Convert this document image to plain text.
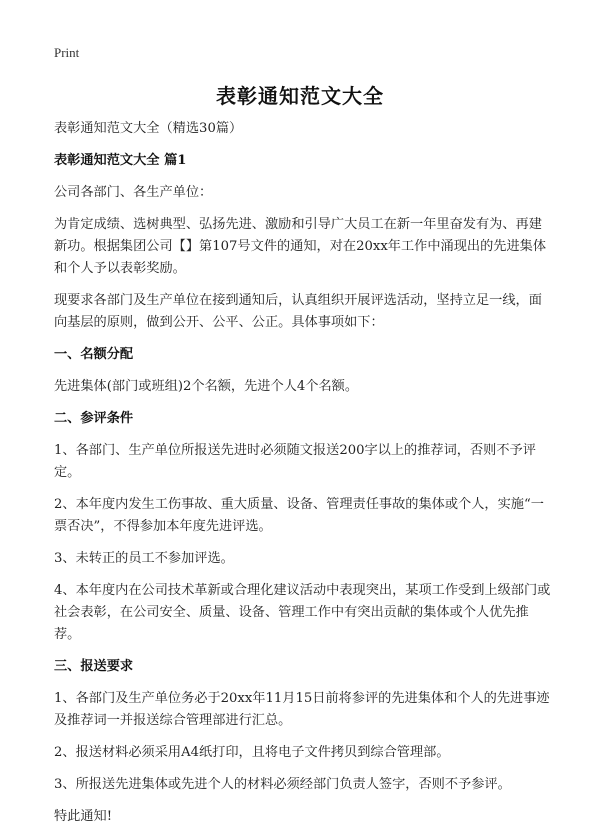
Print
表彰通知范文大全

表彰通知范文大全（精选30篇）

表彰通知范文大全 篇1

公司各部门、各生产单位：

为肯定成绩、选树典型、弘扬先进、激励和引导广大员工在新一年里奋发有为、再建新功。根据集团公司【】第107号文件的通知，对在20xx年工作中涌现出的先进集体和个人予以表彰奖励。

现要求各部门及生产单位在接到通知后，认真组织开展评选活动，坚持立足一线，面向基层的原则，做到公开、公平、公正。具体事项如下：

一、名额分配

先进集体(部门或班组)2个名额，先进个人4个名额。

二、参评条件

1、各部门、生产单位所报送先进时必须随文报送200字以上的推荐词，否则不予评定。

2、本年度内发生工伤事故、重大质量、设备、管理责任事故的集体或个人，实施“一票否决”，不得参加本年度先进评选。

3、未转正的员工不参加评选。

4、本年度内在公司技术革新或合理化建议活动中表现突出，某项工作受到上级部门或社会表彰，在公司安全、质量、设备、管理工作中有突出贡献的集体或个人优先推荐。

三、报送要求

1、各部门及生产单位务必于20xx年11月15日前将参评的先进集体和个人的先进事迹及推荐词一并报送综合管理部进行汇总。

2、报送材料必须采用A4纸打印，且将电子文件拷贝到综合管理部。

3、所报送先进集体或先进个人的材料必须经部门负责人签字，否则不予参评。

特此通知!
